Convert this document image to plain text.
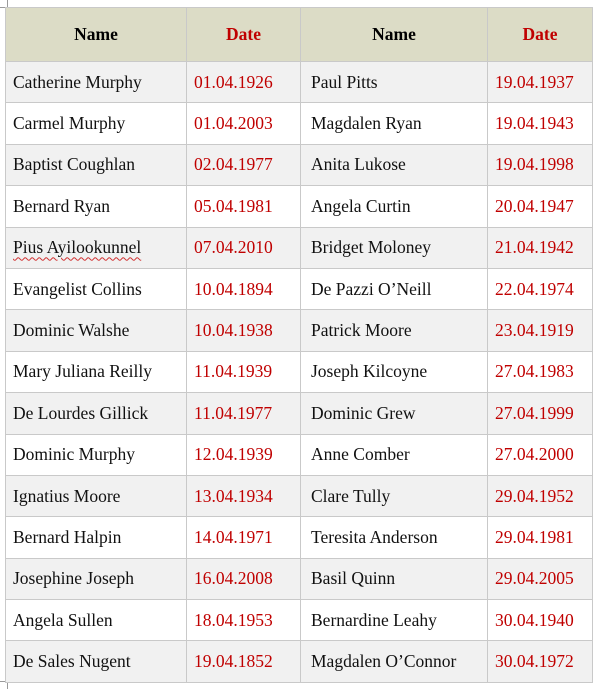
Name	Date	Name	Date
Catherine Murphy	01.04.1926	Paul Pitts	19.04.1937
Carmel Murphy	01.04.2003	Magdalen Ryan	19.04.1943
Baptist Coughlan	02.04.1977	Anita Lukose	19.04.1998
Bernard Ryan	05.04.1981	Angela Curtin	20.04.1947
Pius Ayilookunnel	07.04.2010	Bridget Moloney	21.04.1942
Evangelist Collins	10.04.1894	De Pazzi O’Neill	22.04.1974
Dominic Walshe	10.04.1938	Patrick Moore	23.04.1919
Mary Juliana Reilly	11.04.1939	Joseph Kilcoyne	27.04.1983
De Lourdes Gillick	11.04.1977	Dominic Grew	27.04.1999
Dominic Murphy	12.04.1939	Anne Comber	27.04.2000
Ignatius Moore	13.04.1934	Clare Tully	29.04.1952
Bernard Halpin	14.04.1971	Teresita Anderson	29.04.1981
Josephine Joseph	16.04.2008	Basil Quinn	29.04.2005
Angela Sullen	18.04.1953	Bernardine Leahy	30.04.1940
De Sales Nugent	19.04.1852	Magdalen O’Connor	30.04.1972
